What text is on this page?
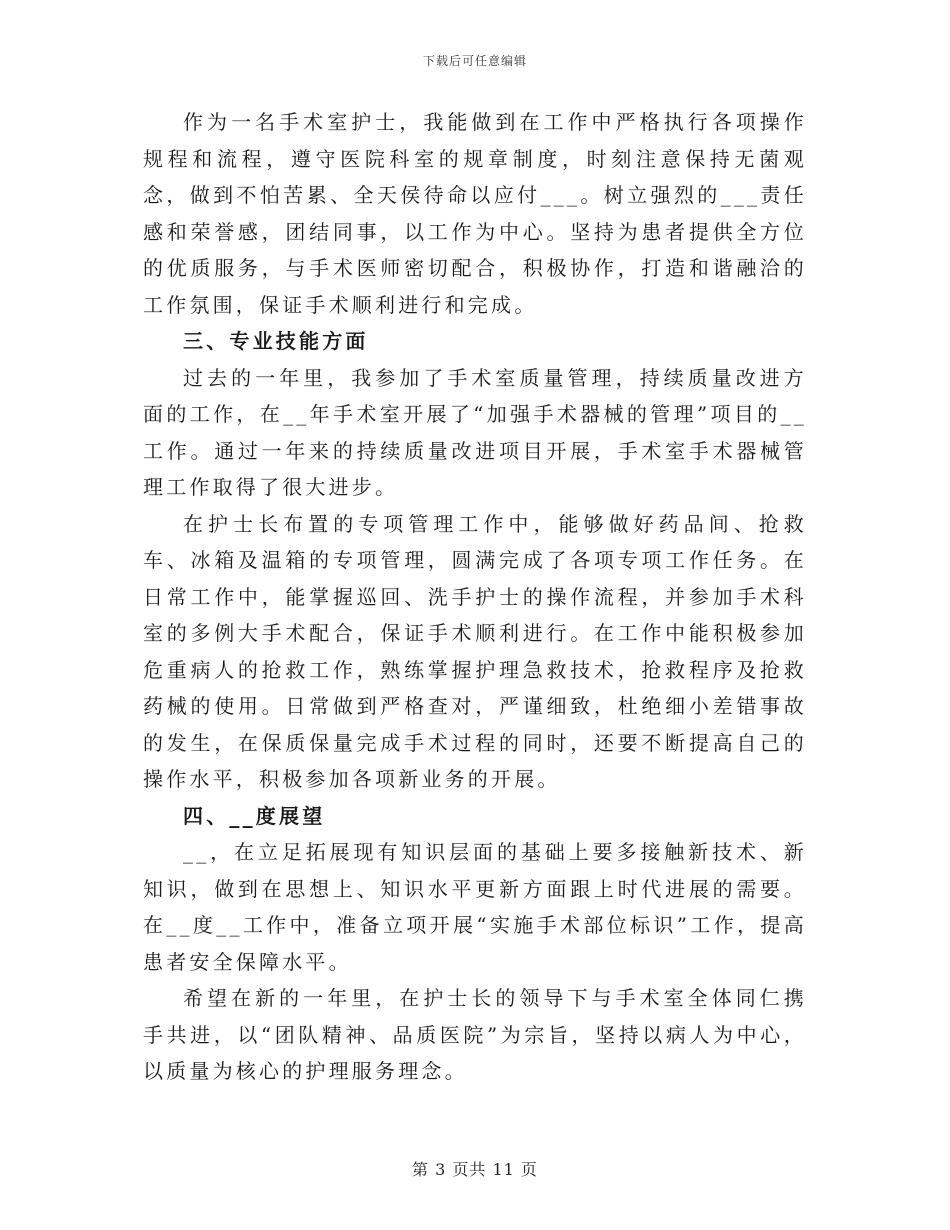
下载后可任意编辑

作为一名手术室护士，我能做到在工作中严格执行各项操作规程和流程，遵守医院科室的规章制度，时刻注意保持无菌观念，做到不怕苦累、全天侯待命以应付___。树立强烈的___责任感和荣誉感，团结同事，以工作为中心。坚持为患者提供全方位的优质服务，与手术医师密切配合，积极协作，打造和谐融洽的工作氛围，保证手术顺利进行和完成。

三、专业技能方面

过去的一年里，我参加了手术室质量管理，持续质量改进方面的工作，在__年手术室开展了“加强手术器械的管理”项目的__工作。通过一年来的持续质量改进项目开展，手术室手术器械管理工作取得了很大进步。

在护士长布置的专项管理工作中，能够做好药品间、抢救车、冰箱及温箱的专项管理，圆满完成了各项专项工作任务。在日常工作中，能掌握巡回、洗手护士的操作流程，并参加手术科室的多例大手术配合，保证手术顺利进行。在工作中能积极参加危重病人的抢救工作，熟练掌握护理急救技术，抢救程序及抢救药械的使用。日常做到严格查对，严谨细致，杜绝细小差错事故的发生，在保质保量完成手术过程的同时，还要不断提高自己的操作水平，积极参加各项新业务的开展。

四、__度展望

__，在立足拓展现有知识层面的基础上要多接触新技术、新知识，做到在思想上、知识水平更新方面跟上时代进展的需要。在__度__工作中，准备立项开展“实施手术部位标识”工作，提高患者安全保障水平。

希望在新的一年里，在护士长的领导下与手术室全体同仁携手共进，以“团队精神、品质医院”为宗旨，坚持以病人为中心，以质量为核心的护理服务理念。

第 3 页共 11 页
